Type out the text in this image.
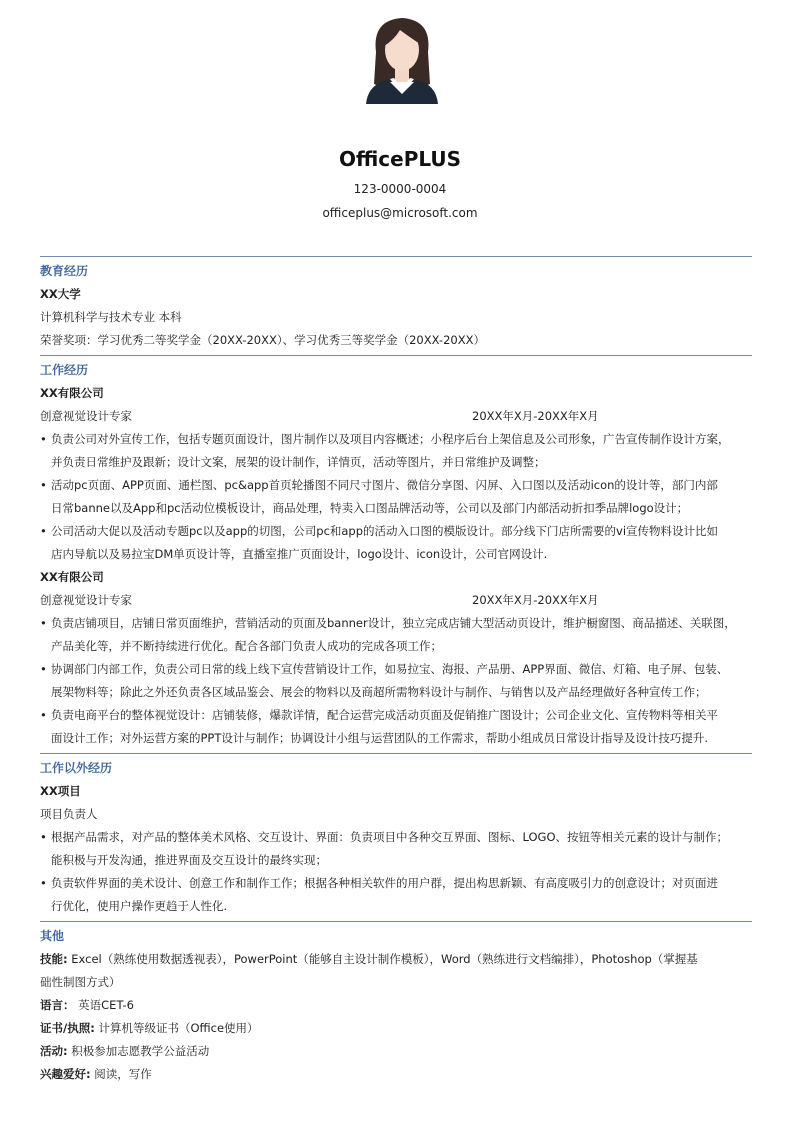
OfficePLUS
123-0000-0004
officeplus@microsoft.com
教育经历
XX大学
计算机科学与技术专业 本科
荣誉奖项：学习优秀二等奖学金（20XX-20XX）、学习优秀三等奖学金（20XX-20XX）
工作经历
XX有限公司
创意视觉设计专家	20XX年X月-20XX年X月
• 负责公司对外宣传工作，包括专题页面设计，图片制作以及项目内容概述；小程序后台上架信息及公司形象，广告宣传制作设计方案，
并负责日常维护及跟新；设计文案，展架的设计制作，详情页，活动等图片，并日常维护及调整；
• 活动pc页面、APP页面、通栏图、pc&app首页轮播图不同尺寸图片、微信分享图、闪屏、入口图以及活动icon的设计等，部门内部
日常banne以及App和pc活动位模板设计，商品处理，特卖入口图品牌活动等，公司以及部门内部活动折扣季品牌logo设计；
• 公司活动大促以及活动专题pc以及app的切图，公司pc和app的活动入口图的模版设计。部分线下门店所需要的vi宣传物料设计比如
店内导航以及易拉宝DM单页设计等，直播室推广页面设计，logo设计、icon设计，公司官网设计.
XX有限公司
创意视觉设计专家	20XX年X月-20XX年X月
• 负责店铺项目，店铺日常页面维护，营销活动的页面及banner设计，独立完成店铺大型活动页设计，维护橱窗图、商品描述、关联图，
产品美化等，并不断持续进行优化。配合各部门负责人成功的完成各项工作；
• 协调部门内部工作，负责公司日常的线上线下宣传营销设计工作，如易拉宝、海报、产品册、APP界面、微信、灯箱、电子屏、包装、
展架物料等；除此之外还负责各区域品鉴会、展会的物料以及商超所需物料设计与制作、与销售以及产品经理做好各种宣传工作；
• 负责电商平台的整体视觉设计：店铺装修，爆款详情，配合运营完成活动页面及促销推广图设计；公司企业文化、宣传物料等相关平
面设计工作；对外运营方案的PPT设计与制作；协调设计小组与运营团队的工作需求，帮助小组成员日常设计指导及设计技巧提升.
工作以外经历
XX项目
项目负责人
• 根据产品需求，对产品的整体美术风格、交互设计、界面：负责项目中各种交互界面、图标、LOGO、按钮等相关元素的设计与制作；
能积极与开发沟通，推进界面及交互设计的最终实现；
• 负责软件界面的美术设计、创意工作和制作工作；根据各种相关软件的用户群，提出构思新颖、有高度吸引力的创意设计；对页面进
行优化，使用户操作更趋于人性化.
其他
技能: Excel（熟练使用数据透视表），PowerPoint（能够自主设计制作模板），Word（熟练进行文档编排），Photoshop（掌握基
础性制图方式）
语言： 英语CET-6
证书/执照: 计算机等级证书（Office使用）
活动: 积极参加志愿教学公益活动
兴趣爱好: 阅读，写作
